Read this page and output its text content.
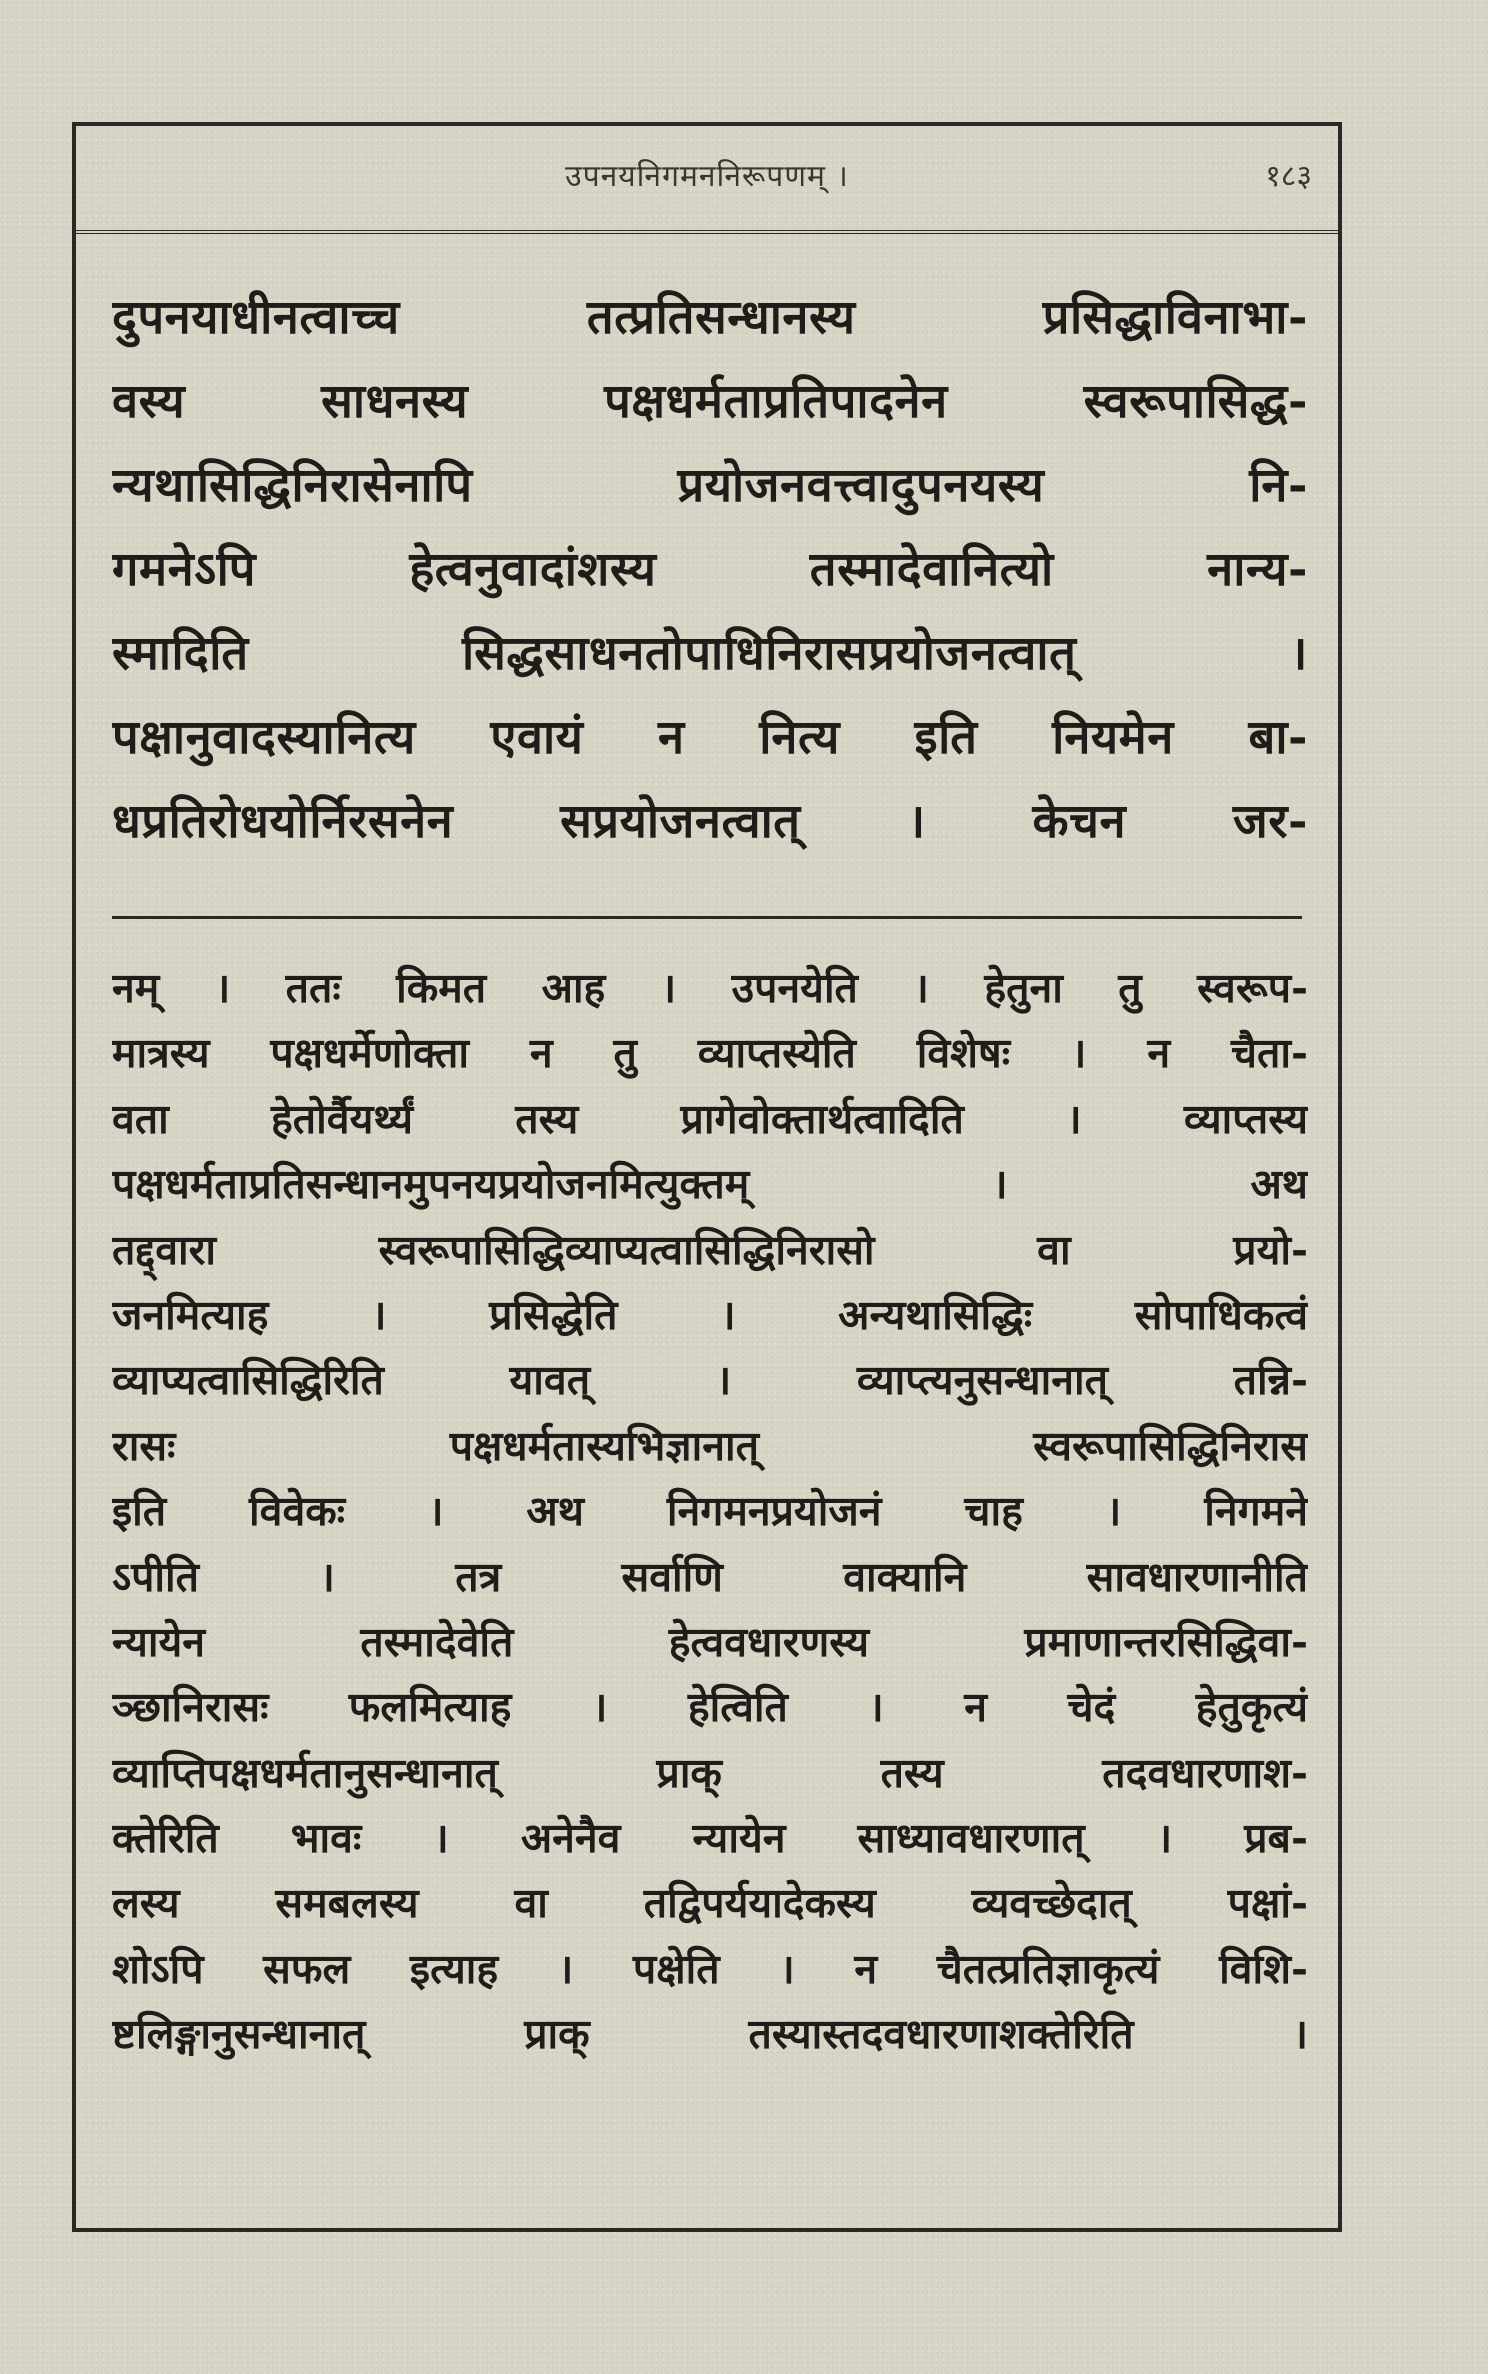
उपनयनिगमननिरूपणम् ।	१८३
दुपनयाधीनत्वाच्च तत्प्रतिसन्धानस्य प्रसिद्धाविनाभा-
वस्य साधनस्य पक्षधर्मताप्रतिपादनेन स्वरूपासिद्ध-
न्यथासिद्धिनिरासेनापि प्रयोजनवत्त्वादुपनयस्य नि-
गमनेऽपि हेत्वनुवादांशस्य तस्मादेवानित्यो नान्य-
स्मादिति सिद्धसाधनतोपाधिनिरासप्रयोजनत्वात् ।
पक्षानुवादस्यानित्य एवायं न नित्य इति नियमेन बा-
धप्रतिरोधयोर्निरसनेन सप्रयोजनत्वात् । केचन जर-
नम् । ततः किमत आह । उपनयेति । हेतुना तु स्वरूप-
मात्रस्य पक्षधर्मेणोक्ता न तु व्याप्तस्येति विशेषः । न चैता-
वता हेतोर्वैयर्थ्यं तस्य प्रागेवोक्तार्थत्वादिति । व्याप्तस्य
पक्षधर्मताप्रतिसन्धानमुपनयप्रयोजनमित्युक्तम् । अथ
तद्द्वारा स्वरूपासिद्धिव्याप्यत्वासिद्धिनिरासो वा प्रयो-
जनमित्याह । प्रसिद्धेति । अन्यथासिद्धिः सोपाधिकत्वं
व्याप्यत्वासिद्धिरिति यावत् । व्याप्त्यनुसन्धानात् तन्नि-
रासः पक्षधर्मतास्यभिज्ञानात् स्वरूपासिद्धिनिरास
इति विवेकः । अथ निगमनप्रयोजनं चाह । निगमने
ऽपीति । तत्र सर्वाणि वाक्यानि सावधारणानीति
न्यायेन तस्मादेवेति हेत्ववधारणस्य प्रमाणान्तरसिद्धिवा-
ञ्छानिरासः फलमित्याह । हेत्विति । न चेदं हेतुकृत्यं
व्याप्तिपक्षधर्मतानुसन्धानात् प्राक् तस्य तदवधारणाश-
क्तेरिति भावः । अनेनैव न्यायेन साध्यावधारणात् । प्रब-
लस्य समबलस्य वा तद्विपर्ययादेकस्य व्यवच्छेदात् पक्षां-
शोऽपि सफल इत्याह । पक्षेति । न चैतत्प्रतिज्ञाकृत्यं विशि-
ष्टलिङ्गानुसन्धानात् प्राक् तस्यास्तदवधारणाशक्तेरिति ।
